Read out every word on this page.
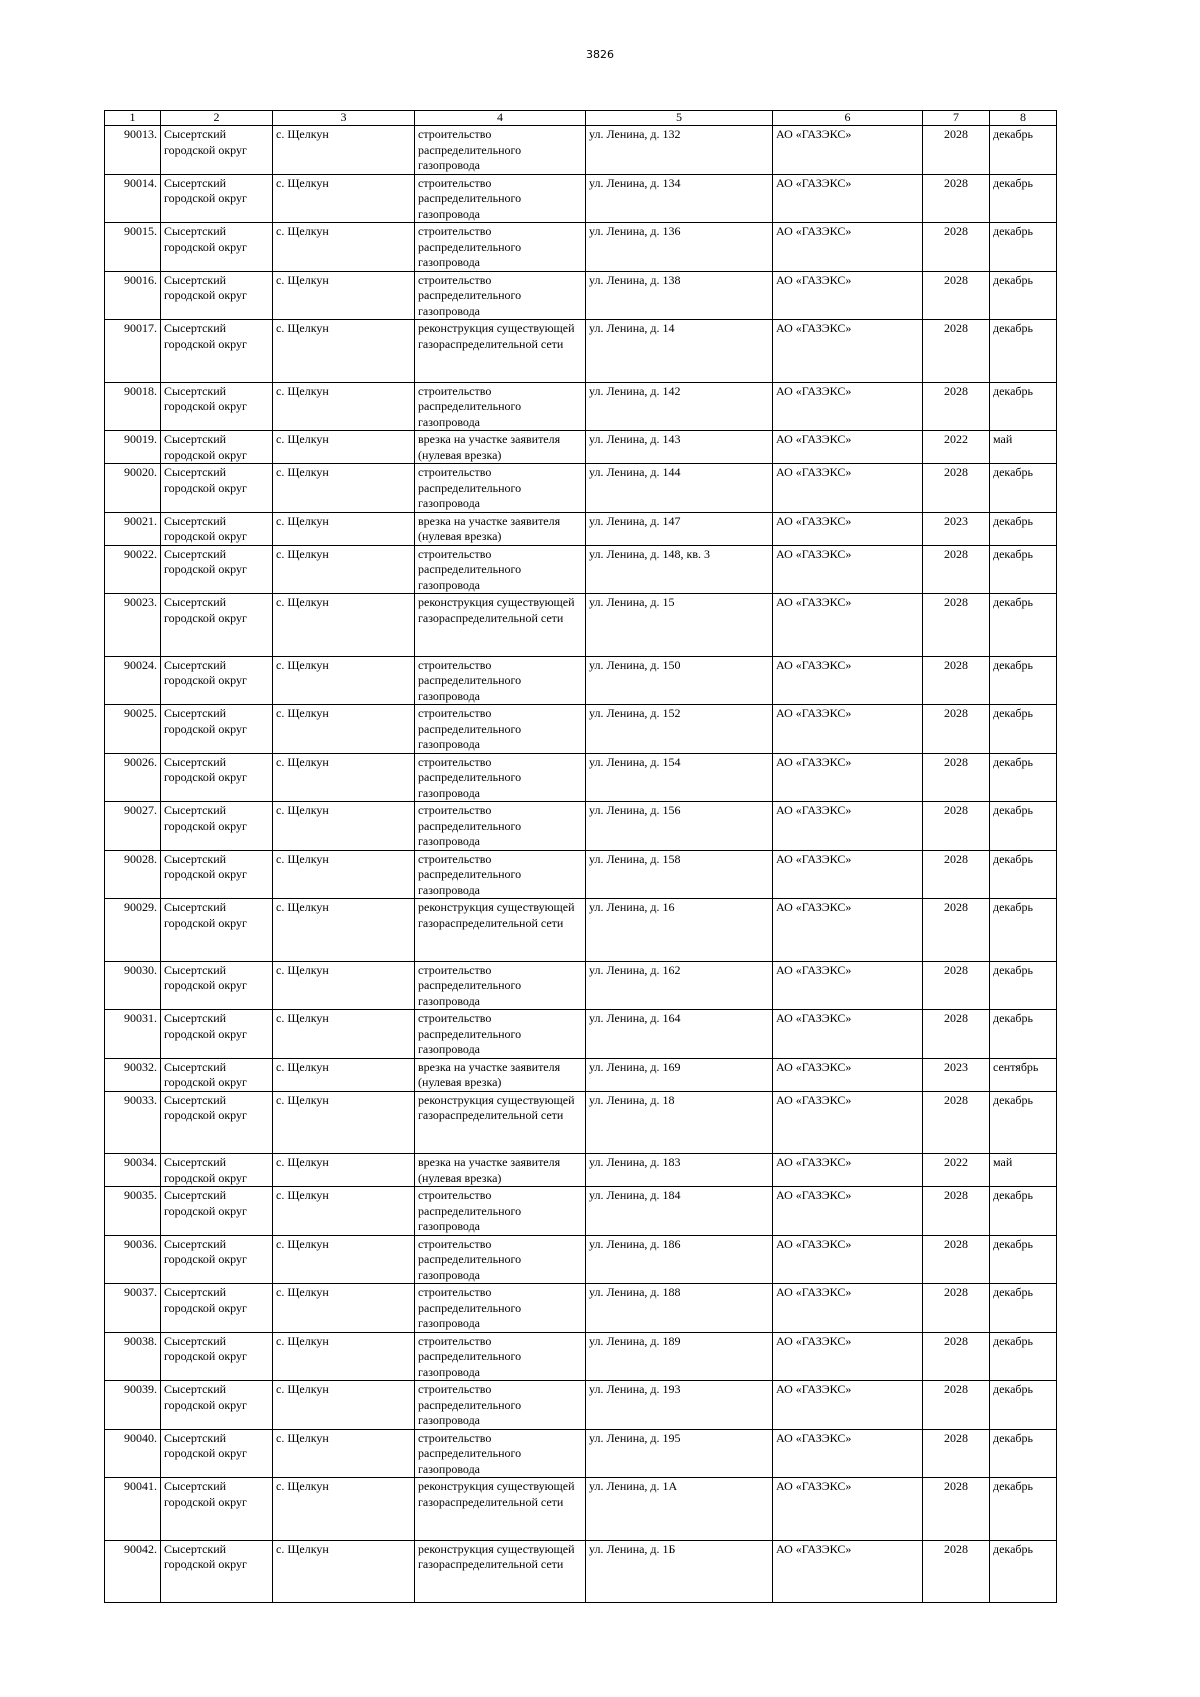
3826
1	2	3	4	5	6	7	8
90013.	Сысертский городской округ	с. Щелкун	строительство распределительного газопровода	ул. Ленина, д. 132	АО «ГАЗЭКС»	2028	декабрь
90014.	Сысертский городской округ	с. Щелкун	строительство распределительного газопровода	ул. Ленина, д. 134	АО «ГАЗЭКС»	2028	декабрь
90015.	Сысертский городской округ	с. Щелкун	строительство распределительного газопровода	ул. Ленина, д. 136	АО «ГАЗЭКС»	2028	декабрь
90016.	Сысертский городской округ	с. Щелкун	строительство распределительного газопровода	ул. Ленина, д. 138	АО «ГАЗЭКС»	2028	декабрь
90017.	Сысертский городской округ	с. Щелкун	реконструкция существующей газораспределительной сети	ул. Ленина, д. 14	АО «ГАЗЭКС»	2028	декабрь
90018.	Сысертский городской округ	с. Щелкун	строительство распределительного газопровода	ул. Ленина, д. 142	АО «ГАЗЭКС»	2028	декабрь
90019.	Сысертский городской округ	с. Щелкун	врезка на участке заявителя (нулевая врезка)	ул. Ленина, д. 143	АО «ГАЗЭКС»	2022	май
90020.	Сысертский городской округ	с. Щелкун	строительство распределительного газопровода	ул. Ленина, д. 144	АО «ГАЗЭКС»	2028	декабрь
90021.	Сысертский городской округ	с. Щелкун	врезка на участке заявителя (нулевая врезка)	ул. Ленина, д. 147	АО «ГАЗЭКС»	2023	декабрь
90022.	Сысертский городской округ	с. Щелкун	строительство распределительного газопровода	ул. Ленина, д. 148, кв. 3	АО «ГАЗЭКС»	2028	декабрь
90023.	Сысертский городской округ	с. Щелкун	реконструкция существующей газораспределительной сети	ул. Ленина, д. 15	АО «ГАЗЭКС»	2028	декабрь
90024.	Сысертский городской округ	с. Щелкун	строительство распределительного газопровода	ул. Ленина, д. 150	АО «ГАЗЭКС»	2028	декабрь
90025.	Сысертский городской округ	с. Щелкун	строительство распределительного газопровода	ул. Ленина, д. 152	АО «ГАЗЭКС»	2028	декабрь
90026.	Сысертский городской округ	с. Щелкун	строительство распределительного газопровода	ул. Ленина, д. 154	АО «ГАЗЭКС»	2028	декабрь
90027.	Сысертский городской округ	с. Щелкун	строительство распределительного газопровода	ул. Ленина, д. 156	АО «ГАЗЭКС»	2028	декабрь
90028.	Сысертский городской округ	с. Щелкун	строительство распределительного газопровода	ул. Ленина, д. 158	АО «ГАЗЭКС»	2028	декабрь
90029.	Сысертский городской округ	с. Щелкун	реконструкция существующей газораспределительной сети	ул. Ленина, д. 16	АО «ГАЗЭКС»	2028	декабрь
90030.	Сысертский городской округ	с. Щелкун	строительство распределительного газопровода	ул. Ленина, д. 162	АО «ГАЗЭКС»	2028	декабрь
90031.	Сысертский городской округ	с. Щелкун	строительство распределительного газопровода	ул. Ленина, д. 164	АО «ГАЗЭКС»	2028	декабрь
90032.	Сысертский городской округ	с. Щелкун	врезка на участке заявителя (нулевая врезка)	ул. Ленина, д. 169	АО «ГАЗЭКС»	2023	сентябрь
90033.	Сысертский городской округ	с. Щелкун	реконструкция существующей газораспределительной сети	ул. Ленина, д. 18	АО «ГАЗЭКС»	2028	декабрь
90034.	Сысертский городской округ	с. Щелкун	врезка на участке заявителя (нулевая врезка)	ул. Ленина, д. 183	АО «ГАЗЭКС»	2022	май
90035.	Сысертский городской округ	с. Щелкун	строительство распределительного газопровода	ул. Ленина, д. 184	АО «ГАЗЭКС»	2028	декабрь
90036.	Сысертский городской округ	с. Щелкун	строительство распределительного газопровода	ул. Ленина, д. 186	АО «ГАЗЭКС»	2028	декабрь
90037.	Сысертский городской округ	с. Щелкун	строительство распределительного газопровода	ул. Ленина, д. 188	АО «ГАЗЭКС»	2028	декабрь
90038.	Сысертский городской округ	с. Щелкун	строительство распределительного газопровода	ул. Ленина, д. 189	АО «ГАЗЭКС»	2028	декабрь
90039.	Сысертский городской округ	с. Щелкун	строительство распределительного газопровода	ул. Ленина, д. 193	АО «ГАЗЭКС»	2028	декабрь
90040.	Сысертский городской округ	с. Щелкун	строительство распределительного газопровода	ул. Ленина, д. 195	АО «ГАЗЭКС»	2028	декабрь
90041.	Сысертский городской округ	с. Щелкун	реконструкция существующей газораспределительной сети	ул. Ленина, д. 1А	АО «ГАЗЭКС»	2028	декабрь
90042.	Сысертский городской округ	с. Щелкун	реконструкция существующей газораспределительной сети	ул. Ленина, д. 1Б	АО «ГАЗЭКС»	2028	декабрь
